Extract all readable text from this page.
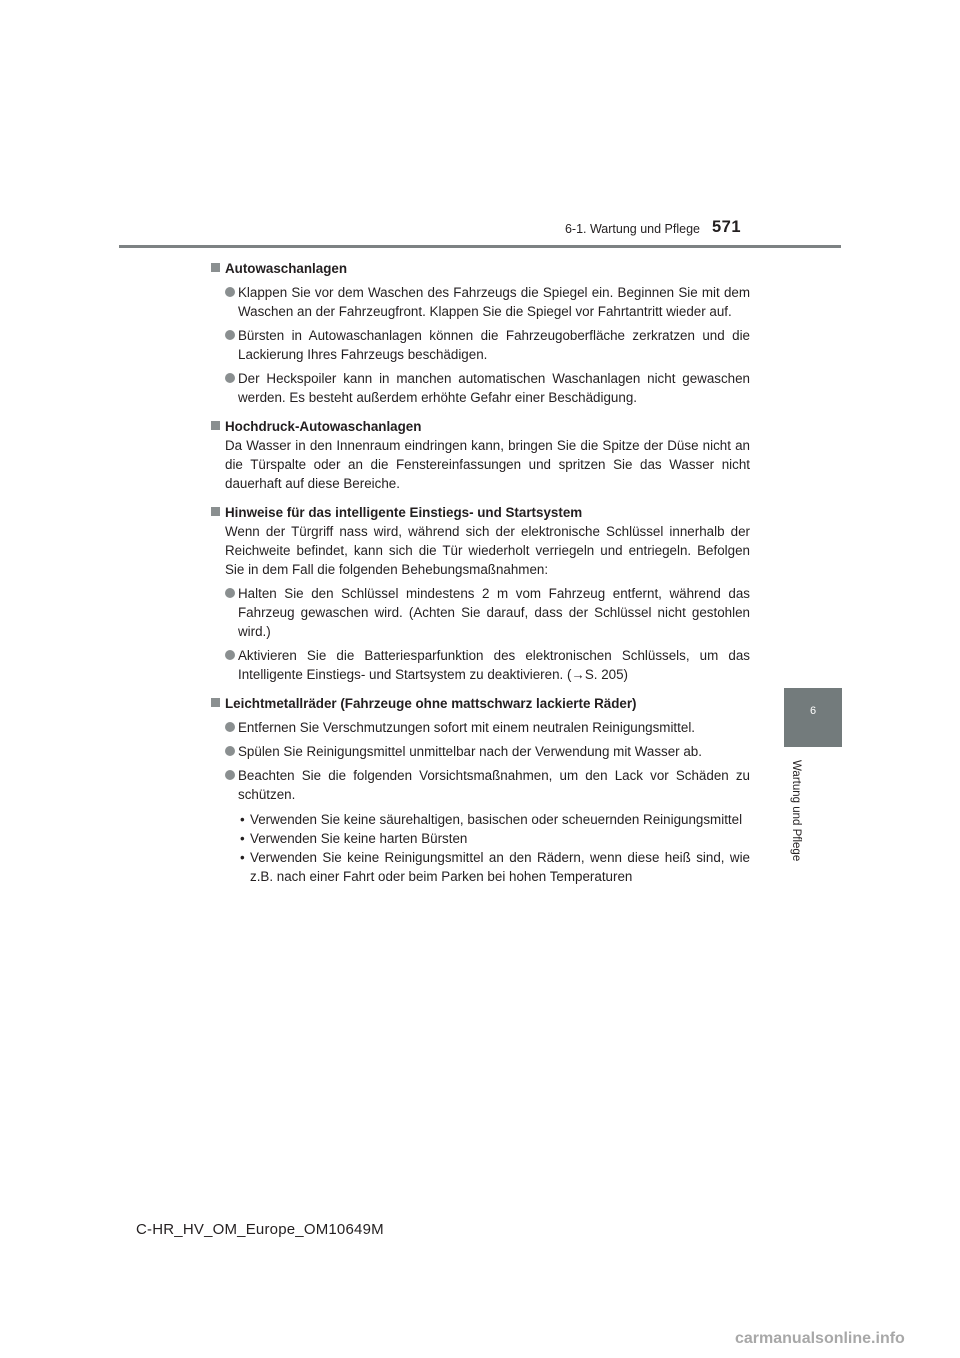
6-1. Wartung und Pflege 571
6
Wartung und Pflege
Autowaschanlagen
Klappen Sie vor dem Waschen des Fahrzeugs die Spiegel ein. Beginnen Sie mit dem Waschen an der Fahrzeugfront. Klappen Sie die Spiegel vor Fahrtantritt wieder auf.
Bürsten in Autowaschanlagen können die Fahrzeugoberfläche zerkratzen und die Lackierung Ihres Fahrzeugs beschädigen.
Der Heckspoiler kann in manchen automatischen Waschanlagen nicht gewaschen werden. Es besteht außerdem erhöhte Gefahr einer Beschädigung.
Hochdruck-Autowaschanlagen
Da Wasser in den Innenraum eindringen kann, bringen Sie die Spitze der Düse nicht an die Türspalte oder an die Fenstereinfassungen und spritzen Sie das Wasser nicht dauerhaft auf diese Bereiche.
Hinweise für das intelligente Einstiegs- und Startsystem
Wenn der Türgriff nass wird, während sich der elektronische Schlüssel innerhalb der Reichweite befindet, kann sich die Tür wiederholt verriegeln und entriegeln. Befolgen Sie in dem Fall die folgenden Behebungsmaßnahmen:
Halten Sie den Schlüssel mindestens 2 m vom Fahrzeug entfernt, während das Fahrzeug gewaschen wird. (Achten Sie darauf, dass der Schlüssel nicht gestohlen wird.)
Aktivieren Sie die Batteriesparfunktion des elektronischen Schlüssels, um das Intelligente Einstiegs- und Startsystem zu deaktivieren. (→S. 205)
Leichtmetallräder (Fahrzeuge ohne mattschwarz lackierte Räder)
Entfernen Sie Verschmutzungen sofort mit einem neutralen Reinigungsmittel.
Spülen Sie Reinigungsmittel unmittelbar nach der Verwendung mit Wasser ab.
Beachten Sie die folgenden Vorsichtsmaßnahmen, um den Lack vor Schäden zu schützen.
• Verwenden Sie keine säurehaltigen, basischen oder scheuernden Reinigungsmittel
• Verwenden Sie keine harten Bürsten
• Verwenden Sie keine Reinigungsmittel an den Rädern, wenn diese heiß sind, wie z.B. nach einer Fahrt oder beim Parken bei hohen Temperaturen
C-HR_HV_OM_Europe_OM10649M
carmanualsonline.info
